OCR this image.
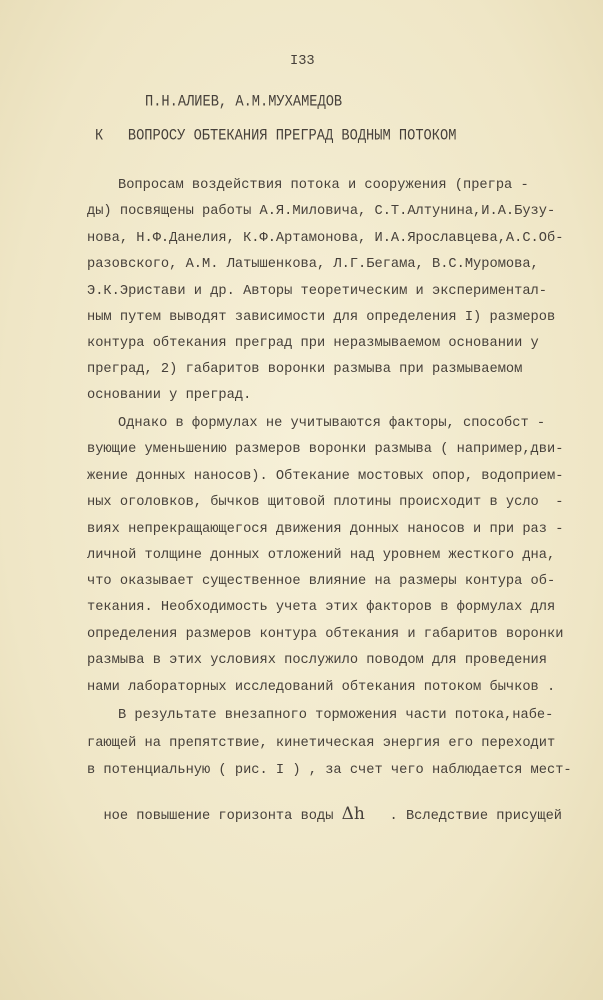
I33
П.Н.АЛИЕВ, А.М.МУХАМЕДОВ
К   ВОПРОСУ ОБТЕКАНИЯ ПРЕГРАД ВОДНЫМ ПОТОКОМ
Вопросам воздействия потока и сооружения (прегра -
ды) посвящены работы А.Я.Миловича, С.Т.Алтунина,И.А.Бузу-
нова, Н.Ф.Данелия, К.Ф.Артамонова, И.А.Ярославцева,А.С.Об-
разовского, А.М. Латышенкова, Л.Г.Бегама, В.С.Муромова,
Э.К.Эристави и др. Авторы теоретическим и экспериментал-
ным путем выводят зависимости для определения I) размеров
контура обтекания преград при неразмываемом основании у
преград, 2) габаритов воронки размыва при размываемом
основании у преград.
Однако в формулах не учитываются факторы, способст -
вующие уменьшению размеров воронки размыва ( например,дви-
жение донных наносов). Обтекание мостовых опор, водоприем-
ных оголовков, бычков щитовой плотины происходит в усло  -
виях непрекращающегося движения донных наносов и при раз -
личной толщине донных отложений над уровнем жесткого дна,
что оказывает существенное влияние на размеры контура об-
текания. Необходимость учета этих факторов в формулах для
определения размеров контура обтекания и габаритов воронки
размыва в этих условиях послужило поводом для проведения
нами лабораторных исследований обтекания потоком бычков .
В результате внезапного торможения части потока,набе-
гающей на препятствие, кинетическая энергия его переходит
в потенциальную ( рис. I ) , за счет чего наблюдается мест-

ное повышение горизонта воды Δh   . Вследствие присущей
